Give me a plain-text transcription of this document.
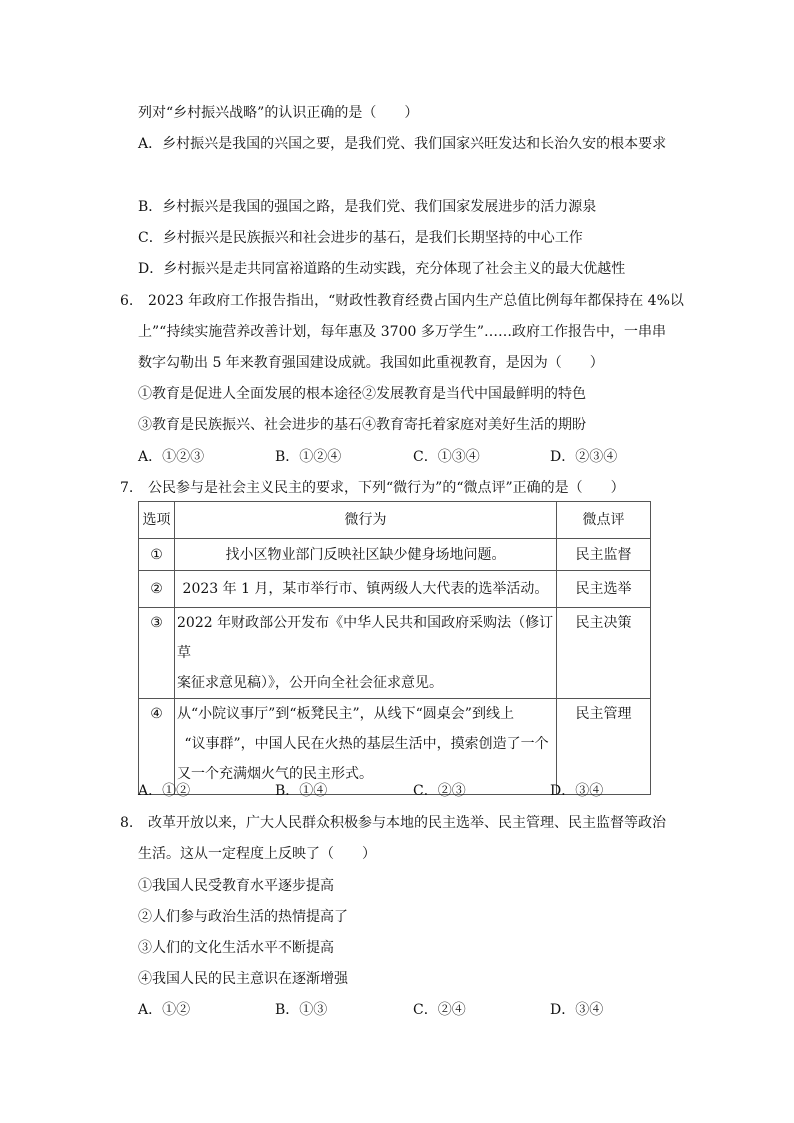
列对“乡村振兴战略”的认识正确的是（　　）
A．乡村振兴是我国的兴国之要，是我们党、我们国家兴旺发达和长治久安的根本要求
B．乡村振兴是我国的强国之路，是我们党、我们国家发展进步的活力源泉
C．乡村振兴是民族振兴和社会进步的基石，是我们长期坚持的中心工作
D．乡村振兴是走共同富裕道路的生动实践，充分体现了社会主义的最大优越性
6. 2023 年政府工作报告指出，“财政性教育经费占国内生产总值比例每年都保持在 4%以
上”“持续实施营养改善计划，每年惠及 3700 多万学生”……政府工作报告中，一串串
数字勾勒出 5 年来教育强国建设成就。我国如此重视教育，是因为（　　）
①教育是促进人全面发展的根本途径②发展教育是当代中国最鲜明的特色
③教育是民族振兴、社会进步的基石④教育寄托着家庭对美好生活的期盼
A．①②③	B．①②④	C．①③④	D．②③④
7. 公民参与是社会主义民主的要求，下列“微行为”的“微点评”正确的是（　　）
选项	微行为	微点评
①	找小区物业部门反映社区缺少健身场地问题。	民主监督
②	2023 年 1 月，某市举行市、镇两级人大代表的选举活动。	民主选举
③	2022 年财政部公开发布《中华人民共和国政府采购法（修订草
案征求意见稿）》，公开向全社会征求意见。	民主决策
④	从“小院议事厅”到“板凳民主”，从线下“圆桌会”到线上
“议事群”，中国人民在火热的基层生活中，摸索创造了一个
又一个充满烟火气的民主形式。	民主管理
A．①②	B．①④	C．②③	D．③④
8. 改革开放以来，广大人民群众积极参与本地的民主选举、民主管理、民主监督等政治
生活。这从一定程度上反映了（　　）
①我国人民受教育水平逐步提高
②人们参与政治生活的热情提高了
③人们的文化生活水平不断提高
④我国人民的民主意识在逐渐增强
A．①②	B．①③	C．②④	D．③④
